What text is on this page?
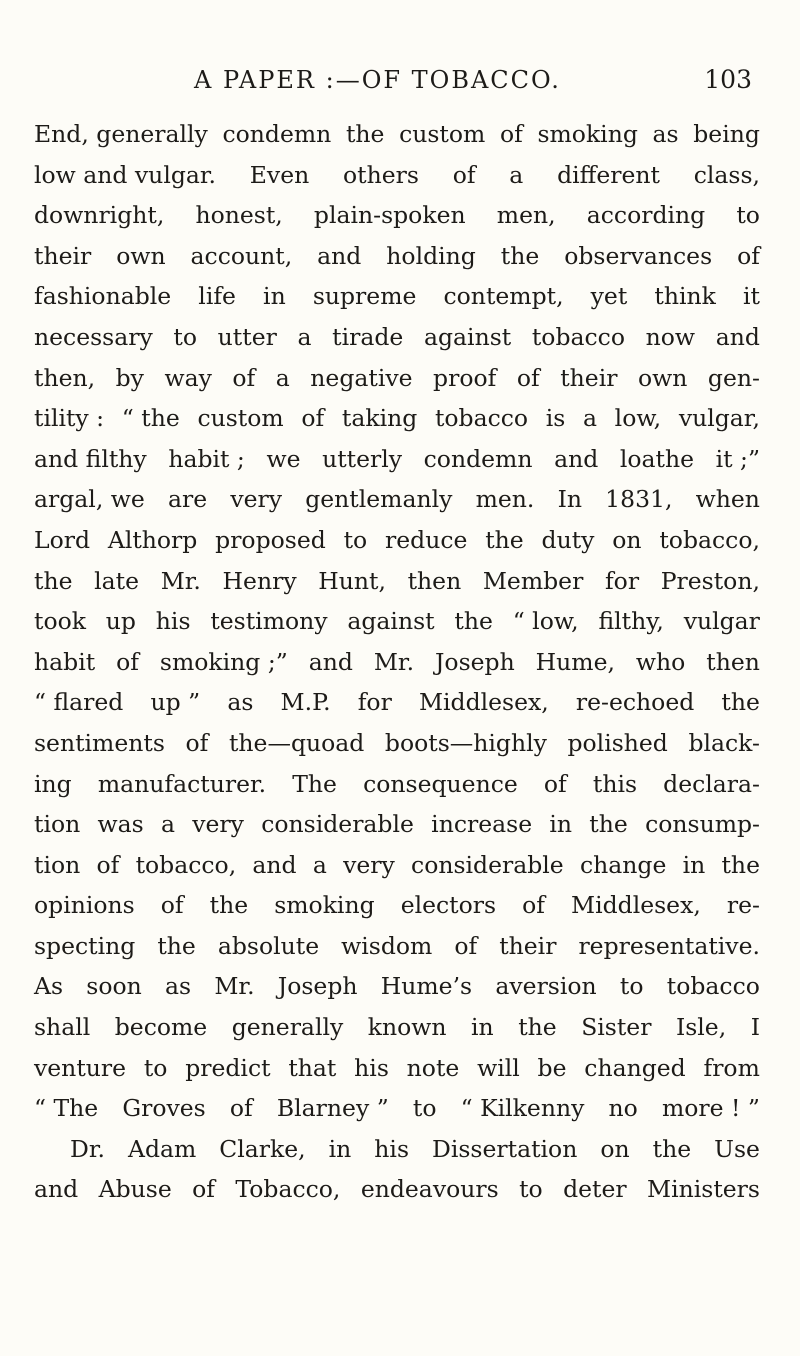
A PAPER :—OF TOBACCO.	103
End, generally condemn the custom of smoking as being
low and vulgar. Even others of a different class,
downright, honest, plain-spoken men, according to
their own account, and holding the observances of
fashionable life in supreme contempt, yet think it
necessary to utter a tirade against tobacco now and
then, by way of a negative proof of their own gen-
tility : “ the custom of taking tobacco is a low, vulgar,
and filthy habit ; we utterly condemn and loathe it ;”
argal, we are very gentlemanly men. In 1831, when
Lord Althorp proposed to reduce the duty on tobacco,
the late Mr. Henry Hunt, then Member for Preston,
took up his testimony against the “ low, filthy, vulgar
habit of smoking ;” and Mr. Joseph Hume, who then
“ flared up ” as M.P. for Middlesex, re-echoed the
sentiments of the—quoad boots—highly polished black-
ing manufacturer. The consequence of this declara-
tion was a very considerable increase in the consump-
tion of tobacco, and a very considerable change in the
opinions of the smoking electors of Middlesex, re-
specting the absolute wisdom of their representative.
As soon as Mr. Joseph Hume’s aversion to tobacco
shall become generally known in the Sister Isle, I
venture to predict that his note will be changed from
“ The Groves of Blarney ” to “ Kilkenny no more ! ”
Dr. Adam Clarke, in his Dissertation on the Use
and Abuse of Tobacco, endeavours to deter Ministers
